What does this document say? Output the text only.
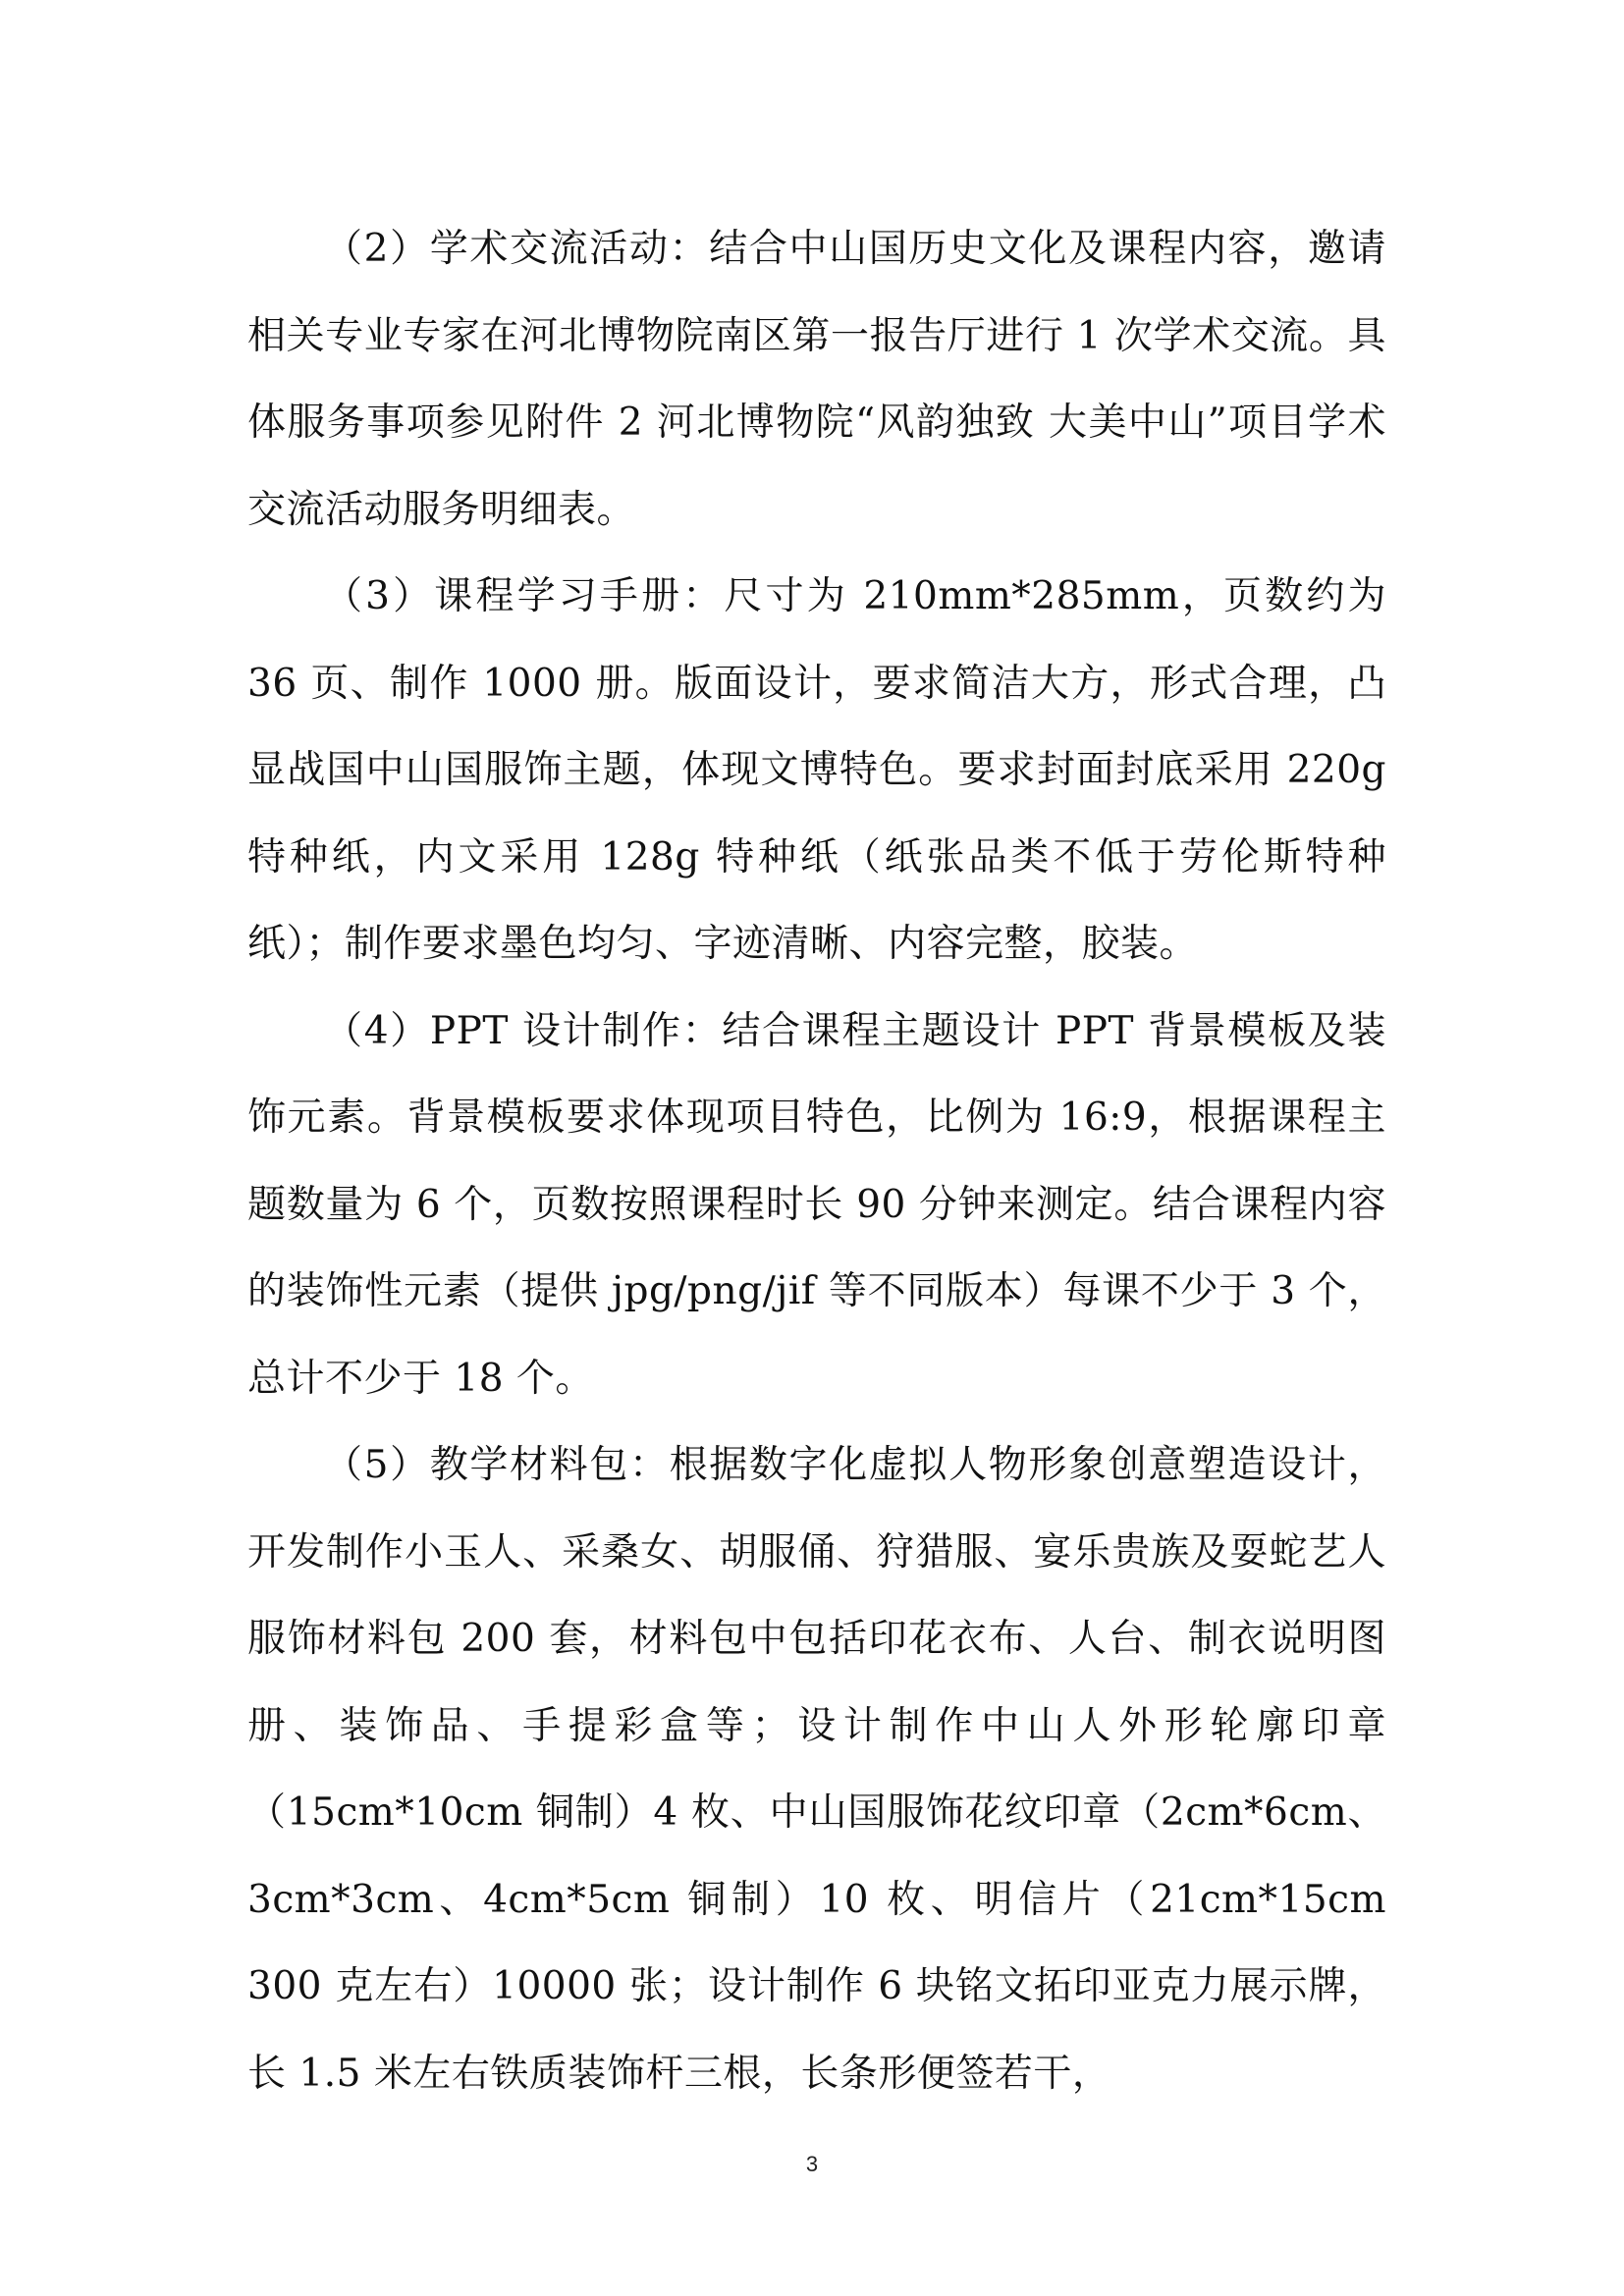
（2）学术交流活动：结合中山国历史文化及课程内容，邀请相关专业专家在河北博物院南区第一报告厅进行 1 次学术交流。具体服务事项参见附件 2 河北博物院“风韵独致 大美中山”项目学术交流活动服务明细表。

（3）课程学习手册：尺寸为 210mm*285mm，页数约为 36 页、制作 1000 册。版面设计，要求简洁大方，形式合理，凸显战国中山国服饰主题，体现文博特色。要求封面封底采用 220g 特种纸，内文采用 128g 特种纸（纸张品类不低于劳伦斯特种纸）；制作要求墨色均匀、字迹清晰、内容完整，胶装。

（4）PPT 设计制作：结合课程主题设计 PPT 背景模板及装饰元素。背景模板要求体现项目特色，比例为 16:9，根据课程主题数量为 6 个，页数按照课程时长 90 分钟来测定。结合课程内容的装饰性元素（提供 jpg/png/jif 等不同版本）每课不少于 3 个，总计不少于 18 个。

（5）教学材料包：根据数字化虚拟人物形象创意塑造设计，开发制作小玉人、采桑女、胡服俑、狩猎服、宴乐贵族及耍蛇艺人服饰材料包 200 套，材料包中包括印花衣布、人台、制衣说明图册、装饰品、手提彩盒等；设计制作中山人外形轮廓印章（15cm*10cm 铜制）4 枚、中山国服饰花纹印章（2cm*6cm、3cm*3cm、4cm*5cm 铜制）10 枚、明信片（21cm*15cm　300 克左右）10000 张；设计制作 6 块铭文拓印亚克力展示牌，长 1.5 米左右铁质装饰杆三根，长条形便签若干，

3
